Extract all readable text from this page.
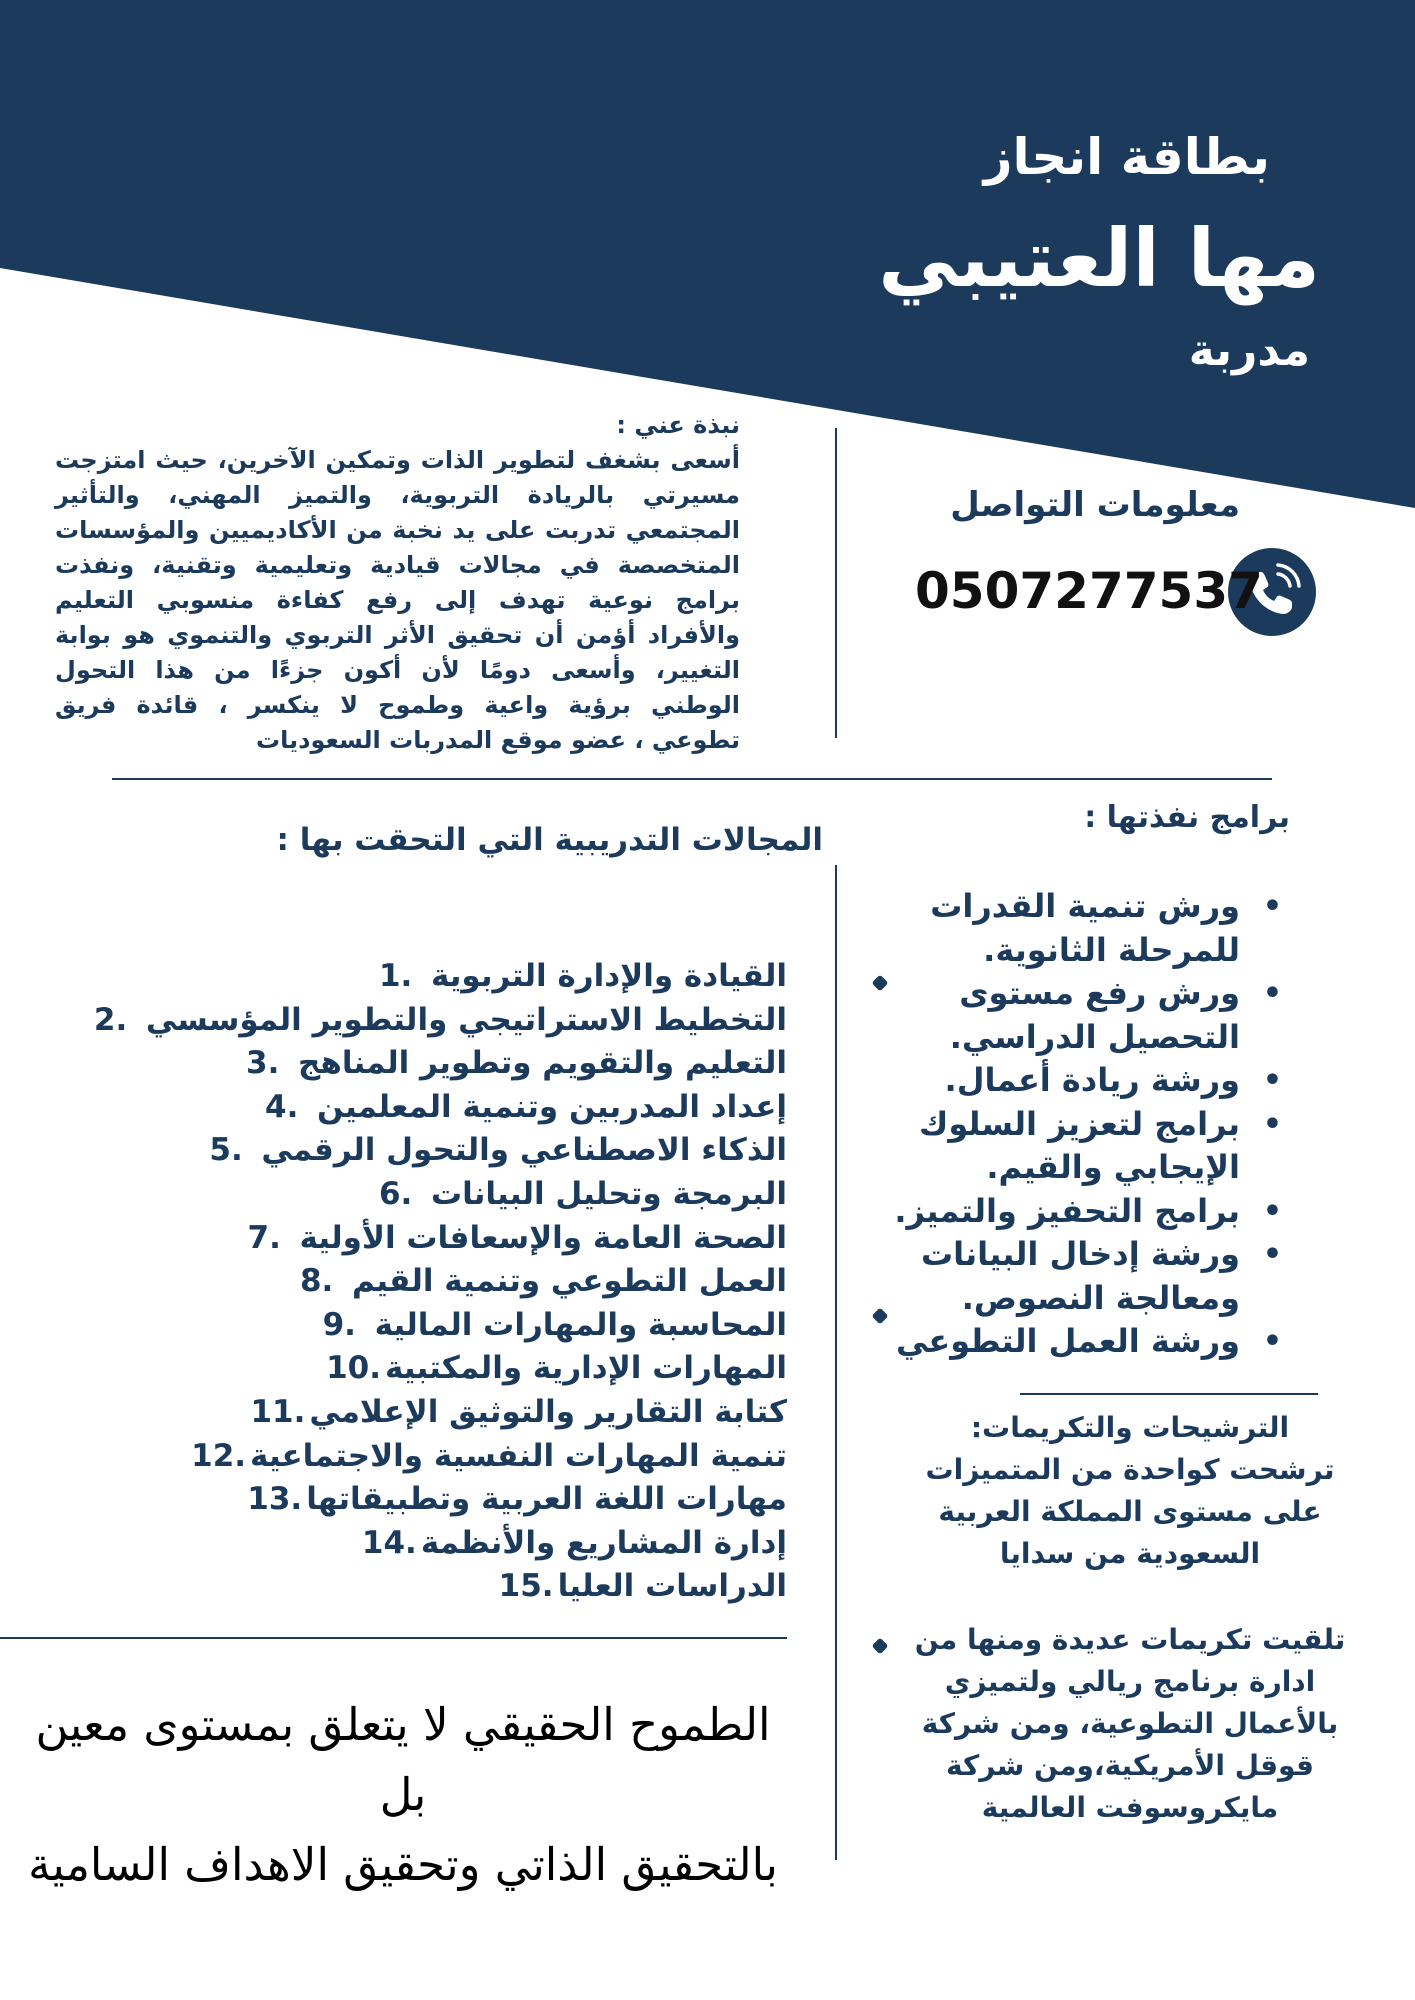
بطاقة انجاز
مها العتيبي
مدربة
نبذة عني :
أسعى بشغف لتطوير الذات وتمكين الآخرين، حيث امتزجت مسيرتي بالريادة التربوية، والتميز المهني، والتأثير المجتمعي تدربت على يد نخبة من الأكاديميين والمؤسسات المتخصصة في مجالات قيادية وتعليمية وتقنية، ونفذت برامج نوعية تهدف إلى رفع كفاءة منسوبي التعليم والأفراد أؤمن أن تحقيق الأثر التربوي والتنموي هو بوابة التغيير، وأسعى دومًا لأن أكون جزءًا من هذا التحول الوطني برؤية واعية وطموح لا ينكسر ، قائدة فريق تطوعي ، عضو موقع المدربات السعوديات
معلومات التواصل
0507277537
برامج نفذتها :
• ورش تنمية القدرات للمرحلة الثانوية.
• ورش رفع مستوى التحصيل الدراسي.
• ورشة ريادة أعمال.
• برامج لتعزيز السلوك الإيجابي والقيم.
• برامج التحفيز والتميز.
• ورشة إدخال البيانات ومعالجة النصوص.
• ورشة العمل التطوعي
المجالات التدريبية التي التحقت بها :
القيادة والإدارة التربوية
1.
التخطيط الاستراتيجي والتطوير المؤسسي
2.
التعليم والتقويم وتطوير المناهج
3.
إعداد المدربين وتنمية المعلمين
4.
الذكاء الاصطناعي والتحول الرقمي
5.
البرمجة وتحليل البيانات
6.
الصحة العامة والإسعافات الأولية
7.
العمل التطوعي وتنمية القيم
8.
المحاسبة والمهارات المالية
9.
المهارات الإدارية والمكتبية
10.
كتابة التقارير والتوثيق الإعلامي
11.
تنمية المهارات النفسية والاجتماعية
12.
مهارات اللغة العربية وتطبيقاتها
13.
إدارة المشاريع والأنظمة
14.
الدراسات العليا
15.
الترشيحات والتكريمات:
ترشحت كواحدة من المتميزات على مستوى المملكة العربية السعودية من سدايا
تلقيت تكريمات عديدة ومنها من ادارة برنامج ريالي ولتميزي بالأعمال التطوعية، ومن شركة قوقل الأمريكية،ومن شركة مايكروسوفت العالمية
الطموح الحقيقي لا يتعلق بمستوى معين بل
بالتحقيق الذاتي وتحقيق الاهداف السامية
